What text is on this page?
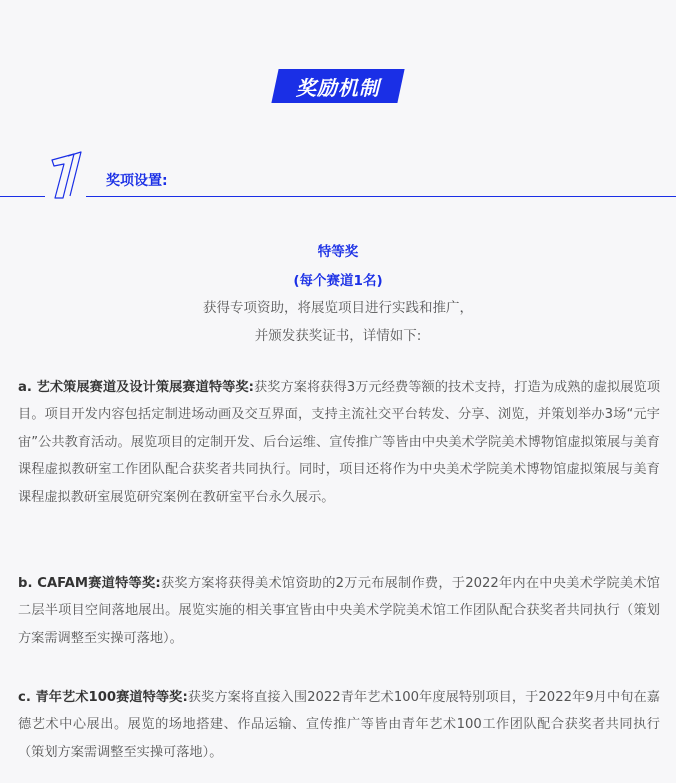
奖励机制
奖项设置:
特等奖
(每个赛道1名)
获得专项资助，将展览项目进行实践和推广，
并颁发获奖证书，详情如下:

a. 艺术策展赛道及设计策展赛道特等奖:获奖方案将获得3万元经费等额的技术支持，打造为成熟的虚拟展览项目。项目开发内容包括定制进场动画及交互界面，支持主流社交平台转发、分享、浏览，并策划举办3场“元宇宙”公共教育活动。展览项目的定制开发、后台运维、宣传推广等皆由中央美术学院美术博物馆虚拟策展与美育课程虚拟教研室工作团队配合获奖者共同执行。同时，项目还将作为中央美术学院美术博物馆虚拟策展与美育课程虚拟教研室展览研究案例在教研室平台永久展示。

b. CAFAM赛道特等奖:获奖方案将获得美术馆资助的2万元布展制作费，于2022年内在中央美术学院美术馆二层半项目空间落地展出。展览实施的相关事宜皆由中央美术学院美术馆工作团队配合获奖者共同执行（策划方案需调整至实操可落地）。

c. 青年艺术100赛道特等奖:获奖方案将直接入围2022青年艺术100年度展特别项目，于2022年9月中旬在嘉德艺术中心展出。展览的场地搭建、作品运输、宣传推广等皆由青年艺术100工作团队配合获奖者共同执行（策划方案需调整至实操可落地）。
